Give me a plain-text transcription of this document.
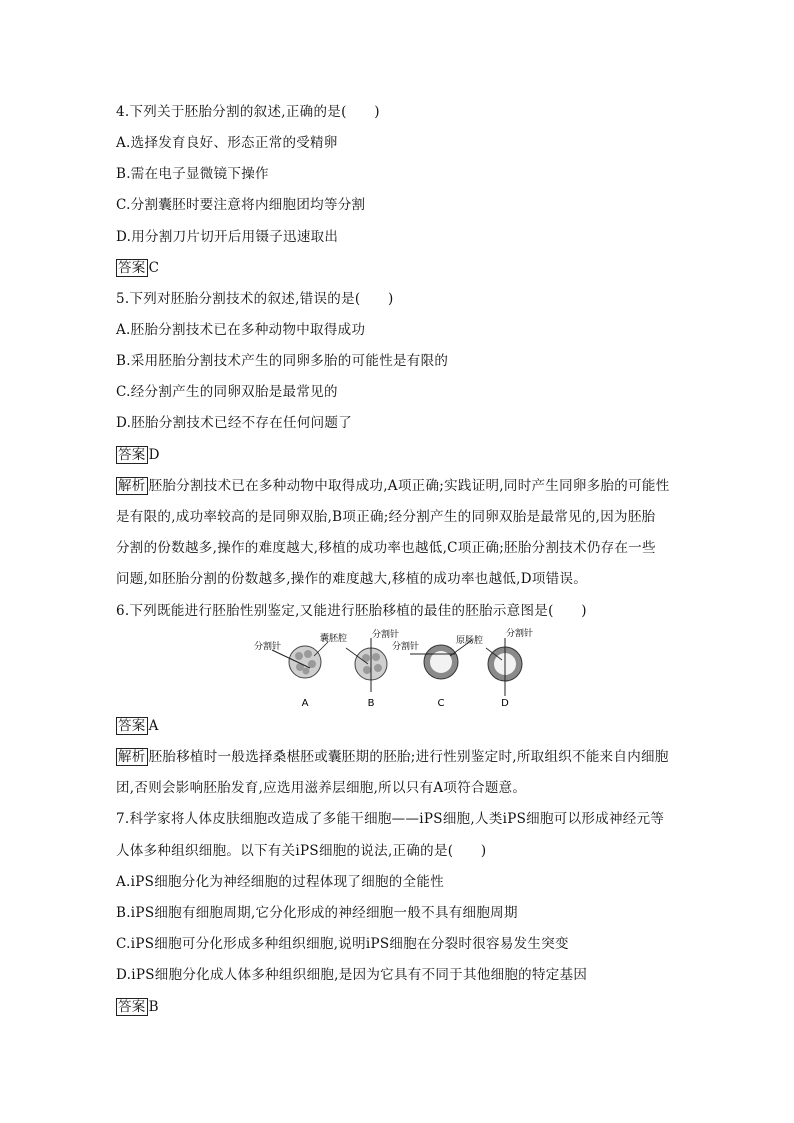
4.下列关于胚胎分割的叙述,正确的是(　　)
A.选择发育良好、形态正常的受精卵
B.需在电子显微镜下操作
C.分割囊胚时要注意将内细胞团均等分割
D.用分割刀片切开后用镊子迅速取出
答案 C
5.下列对胚胎分割技术的叙述,错误的是(　　)
A.胚胎分割技术已在多种动物中取得成功
B.采用胚胎分割技术产生的同卵多胎的可能性是有限的
C.经分割产生的同卵双胎是最常见的
D.胚胎分割技术已经不存在任何问题了
答案 D
解析 胚胎分割技术已在多种动物中取得成功,A项正确;实践证明,同时产生同卵多胎的可能性
是有限的,成功率较高的是同卵双胎,B项正确;经分割产生的同卵双胎是最常见的,因为胚胎
分割的份数越多,操作的难度越大,移植的成功率也越低,C项正确;胚胎分割技术仍存在一些
问题,如胚胎分割的份数越多,操作的难度越大,移植的成功率也越低,D项错误。
6.下列既能进行胚胎性别鉴定,又能进行胚胎移植的最佳的胚胎示意图是(　　)
分割针
囊胚腔	分割针
分割针
原肠腔
分割针
A	B	C	D
答案 A
解析 胚胎移植时一般选择桑椹胚或囊胚期的胚胎;进行性别鉴定时,所取组织不能来自内细胞
团,否则会影响胚胎发育,应选用滋养层细胞,所以只有A项符合题意。
7.科学家将人体皮肤细胞改造成了多能干细胞——iPS细胞,人类iPS细胞可以形成神经元等
人体多种组织细胞。以下有关iPS细胞的说法,正确的是(　　)
A.iPS细胞分化为神经细胞的过程体现了细胞的全能性
B.iPS细胞有细胞周期,它分化形成的神经细胞一般不具有细胞周期
C.iPS细胞可分化形成多种组织细胞,说明iPS细胞在分裂时很容易发生突变
D.iPS细胞分化成人体多种组织细胞,是因为它具有不同于其他细胞的特定基因
答案 B
